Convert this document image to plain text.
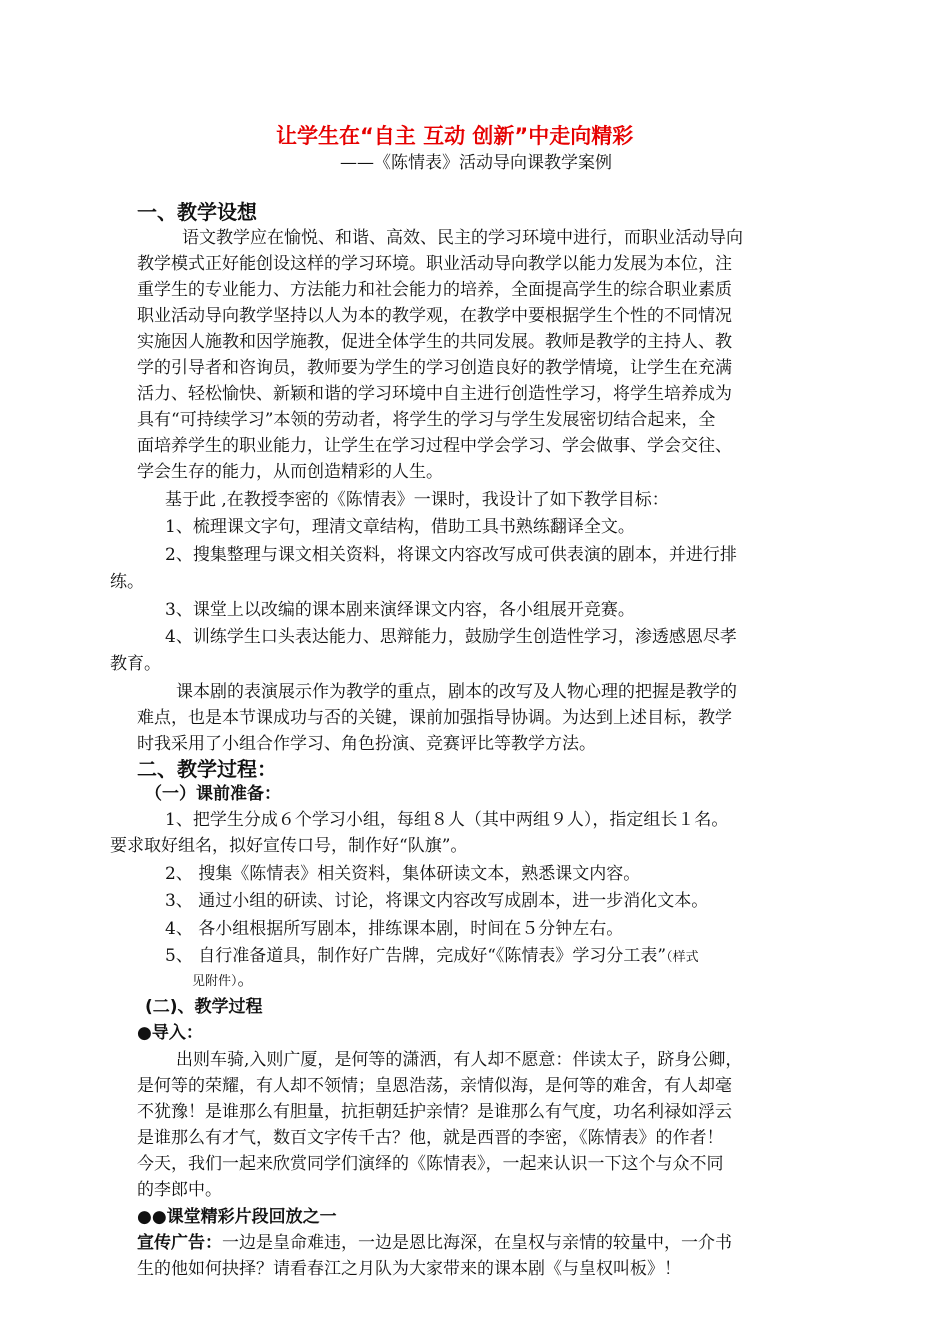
让学生在“自主 互动 创新”中走向精彩
——《陈情表》活动导向课教学案例
一、教学设想
语文教学应在愉悦、和谐、高效、民主的学习环境中进行，而职业活动导向
教学模式正好能创设这样的学习环境。职业活动导向教学以能力发展为本位，注
重学生的专业能力、方法能力和社会能力的培养，全面提高学生的综合职业素质
职业活动导向教学坚持以人为本的教学观，在教学中要根据学生个性的不同情况
实施因人施教和因学施教，促进全体学生的共同发展。教师是教学的主持人、教
学的引导者和咨询员，教师要为学生的学习创造良好的教学情境，让学生在充满
活力、轻松愉快、新颖和谐的学习环境中自主进行创造性学习，将学生培养成为
具有“可持续学习”本领的劳动者，将学生的学习与学生发展密切结合起来，全
面培养学生的职业能力，让学生在学习过程中学会学习、学会做事、学会交往、
学会生存的能力，从而创造精彩的人生。
基于此 ,在教授李密的《陈情表》一课时，我设计了如下教学目标：
1、梳理课文字句，理清文章结构，借助工具书熟练翻译全文。
2、搜集整理与课文相关资料，将课文内容改写成可供表演的剧本，并进行排
练。
3、课堂上以改编的课本剧来演绎课文内容，各小组展开竞赛。
4、训练学生口头表达能力、思辩能力，鼓励学生创造性学习，渗透感恩尽孝
教育。
课本剧的表演展示作为教学的重点，剧本的改写及人物心理的把握是教学的
难点，也是本节课成功与否的关键，课前加强指导协调。为达到上述目标，教学
时我采用了小组合作学习、角色扮演、竞赛评比等教学方法。
二、教学过程：
（一）课前准备：
1、把学生分成６个学习小组，每组８人（其中两组９人），指定组长１名。
要求取好组名，拟好宣传口号，制作好“队旗”。
2、 搜集《陈情表》相关资料，集体研读文本，熟悉课文内容。
3、 通过小组的研读、讨论，将课文内容改写成剧本，进一步消化文本。
4、 各小组根据所写剧本，排练课本剧，时间在５分钟左右。
5、 自行准备道具，制作好广告牌，完成好“《陈情表》学习分工表”（样式
见附件）。
(二)、教学过程
●导入：
出则车骑,入则广厦，是何等的潇洒，有人却不愿意：伴读太子，跻身公卿，
是何等的荣耀，有人却不领情；皇恩浩荡，亲情似海，是何等的难舍，有人却毫
不犹豫！是谁那么有胆量，抗拒朝廷护亲情？是谁那么有气度，功名利禄如浮云
是谁那么有才气，数百文字传千古？他，就是西晋的李密，《陈情表》的作者！
今天，我们一起来欣赏同学们演绎的《陈情表》，一起来认识一下这个与众不同
的李郎中。
●●课堂精彩片段回放之一
宣传广告：一边是皇命难违，一边是恩比海深，在皇权与亲情的较量中，一介书
生的他如何抉择？请看春江之月队为大家带来的课本剧《与皇权叫板》！
